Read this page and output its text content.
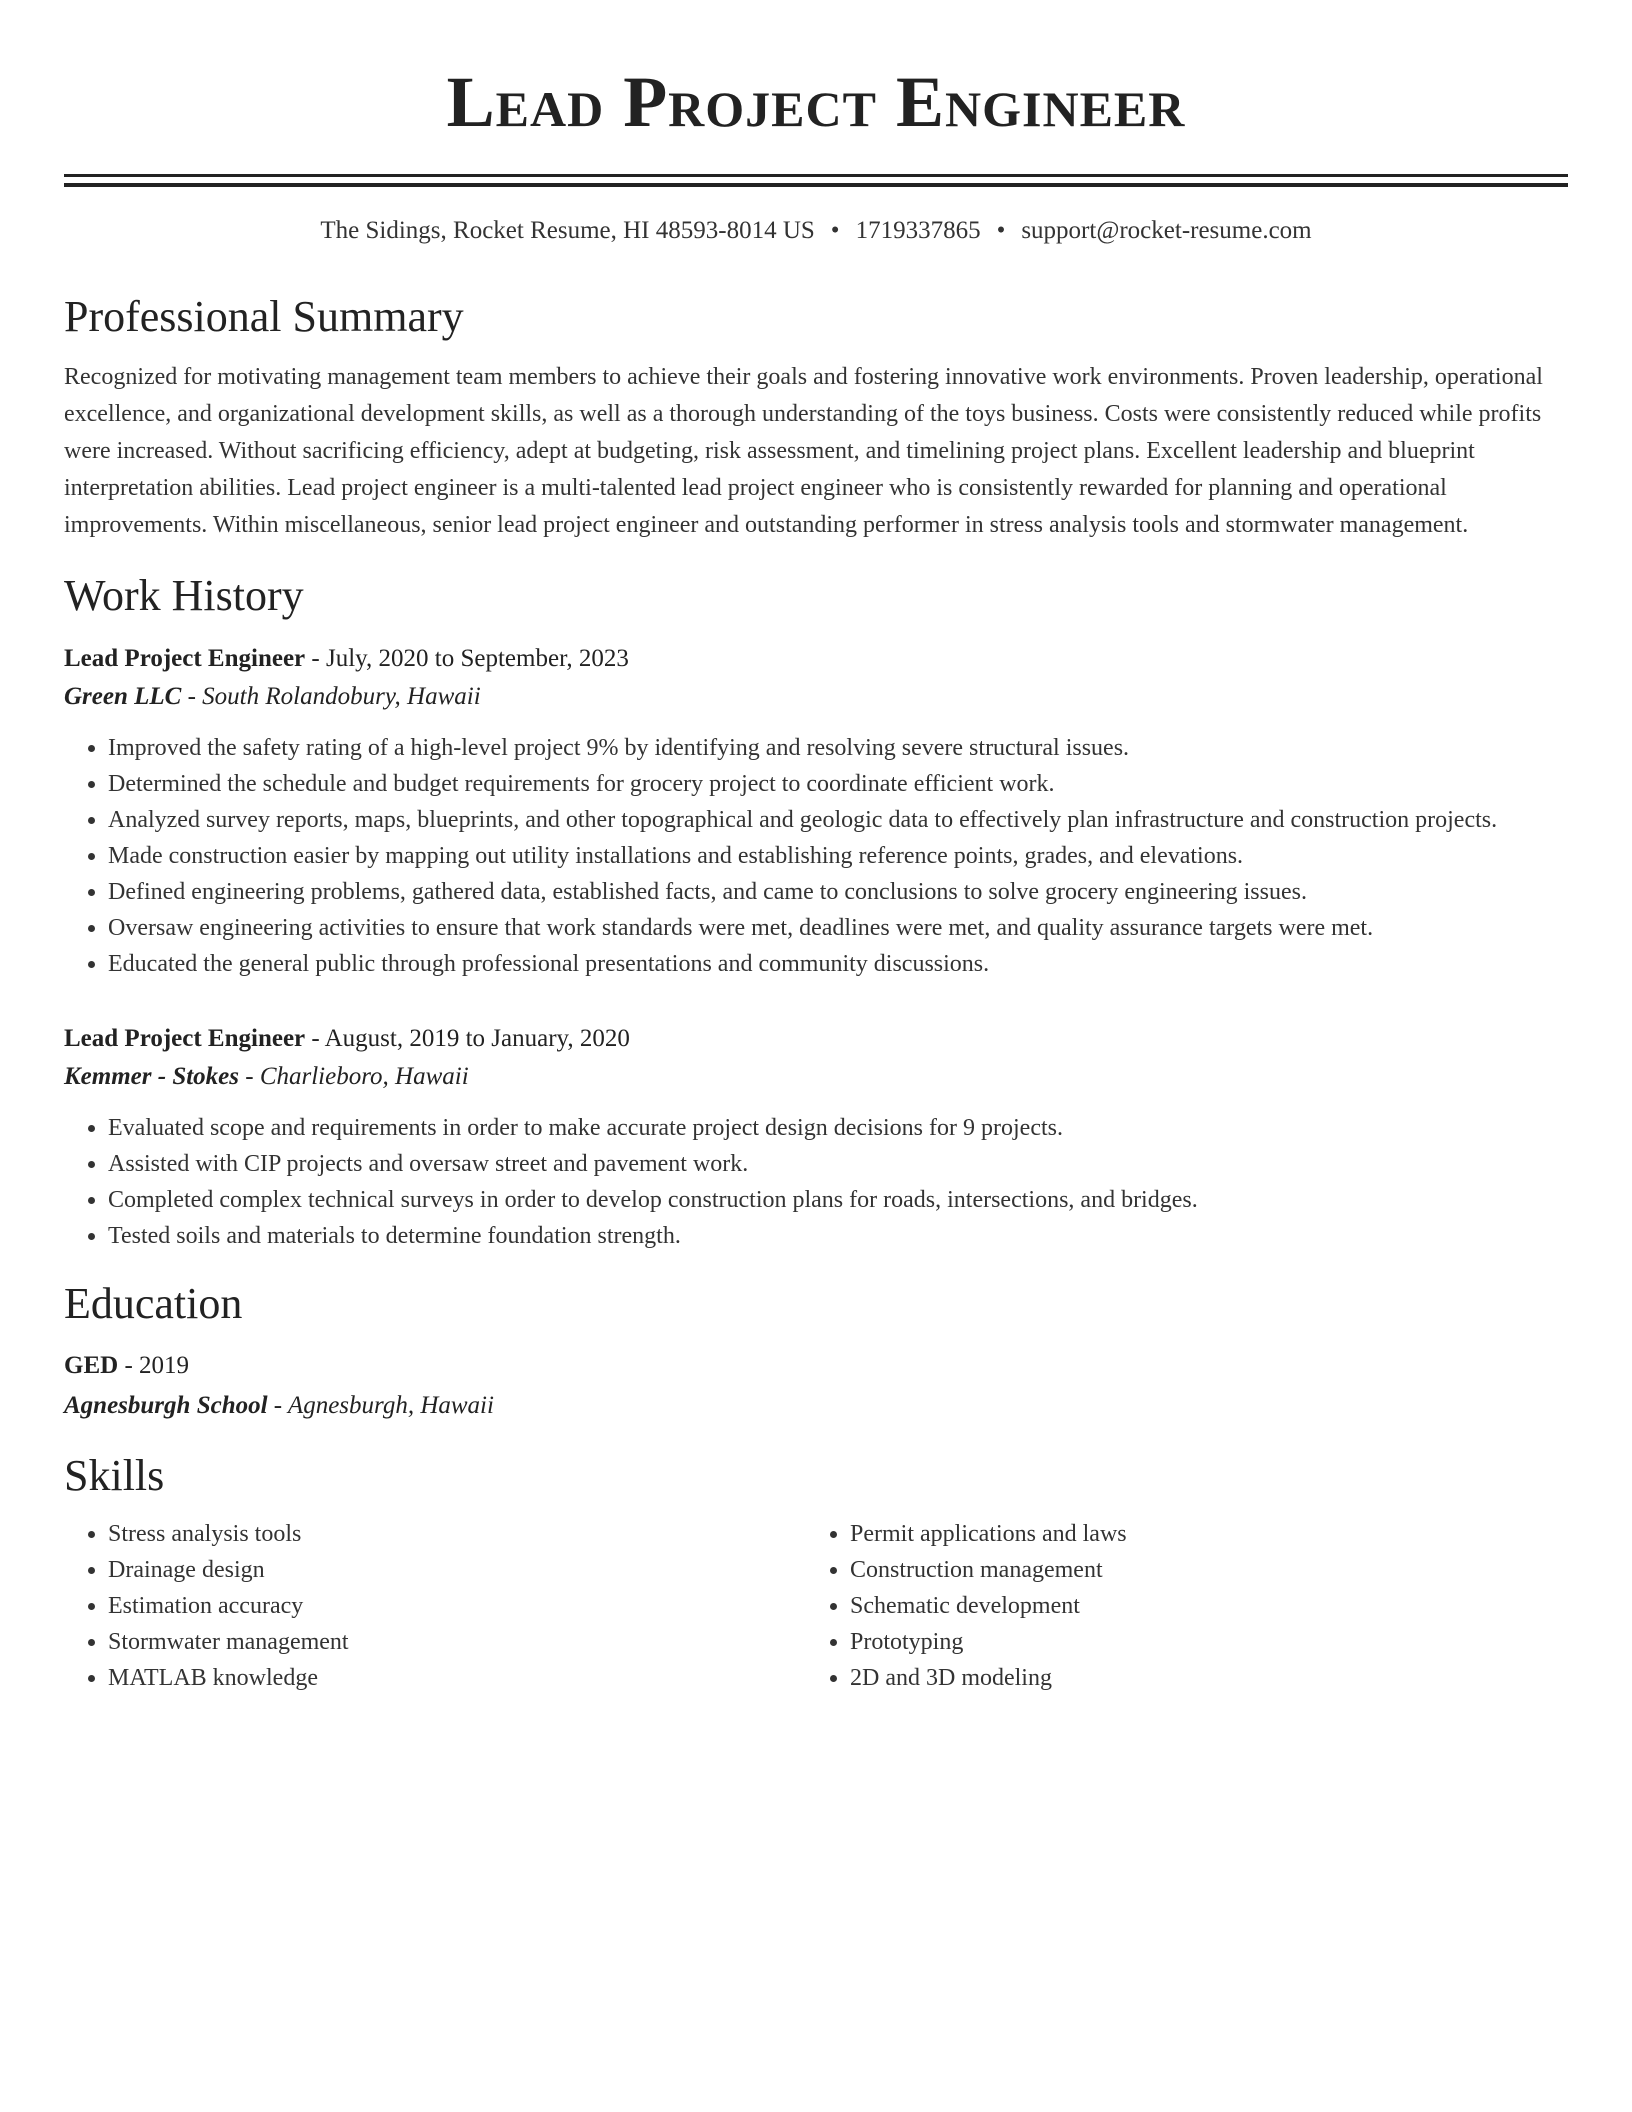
Lead Project Engineer
The Sidings, Rocket Resume, HI 48593-8014 US • 1719337865 • support@rocket-resume.com
Professional Summary

Recognized for motivating management team members to achieve their goals and fostering innovative work environments. Proven leadership, operational excellence, and organizational development skills, as well as a thorough understanding of the toys business. Costs were consistently reduced while profits were increased. Without sacrificing efficiency, adept at budgeting, risk assessment, and timelining project plans. Excellent leadership and blueprint interpretation abilities. Lead project engineer is a multi-talented lead project engineer who is consistently rewarded for planning and operational improvements. Within miscellaneous, senior lead project engineer and outstanding performer in stress analysis tools and stormwater management.

Work History
Lead Project Engineer - July, 2020 to September, 2023
Green LLC - South Rolandobury, Hawaii
• Improved the safety rating of a high-level project 9% by identifying and resolving severe structural issues.
• Determined the schedule and budget requirements for grocery project to coordinate efficient work.
• Analyzed survey reports, maps, blueprints, and other topographical and geologic data to effectively plan infrastructure and construction projects.
• Made construction easier by mapping out utility installations and establishing reference points, grades, and elevations.
• Defined engineering problems, gathered data, established facts, and came to conclusions to solve grocery engineering issues.
• Oversaw engineering activities to ensure that work standards were met, deadlines were met, and quality assurance targets were met.
• Educated the general public through professional presentations and community discussions.
Lead Project Engineer - August, 2019 to January, 2020
Kemmer - Stokes - Charlieboro, Hawaii
• Evaluated scope and requirements in order to make accurate project design decisions for 9 projects.
• Assisted with CIP projects and oversaw street and pavement work.
• Completed complex technical surveys in order to develop construction plans for roads, intersections, and bridges.
• Tested soils and materials to determine foundation strength.
Education
GED - 2019
Agnesburgh School - Agnesburgh, Hawaii
Skills
• Stress analysis tools
• Drainage design
• Estimation accuracy
• Stormwater management
• MATLAB knowledge
• Permit applications and laws
• Construction management
• Schematic development
• Prototyping
• 2D and 3D modeling
